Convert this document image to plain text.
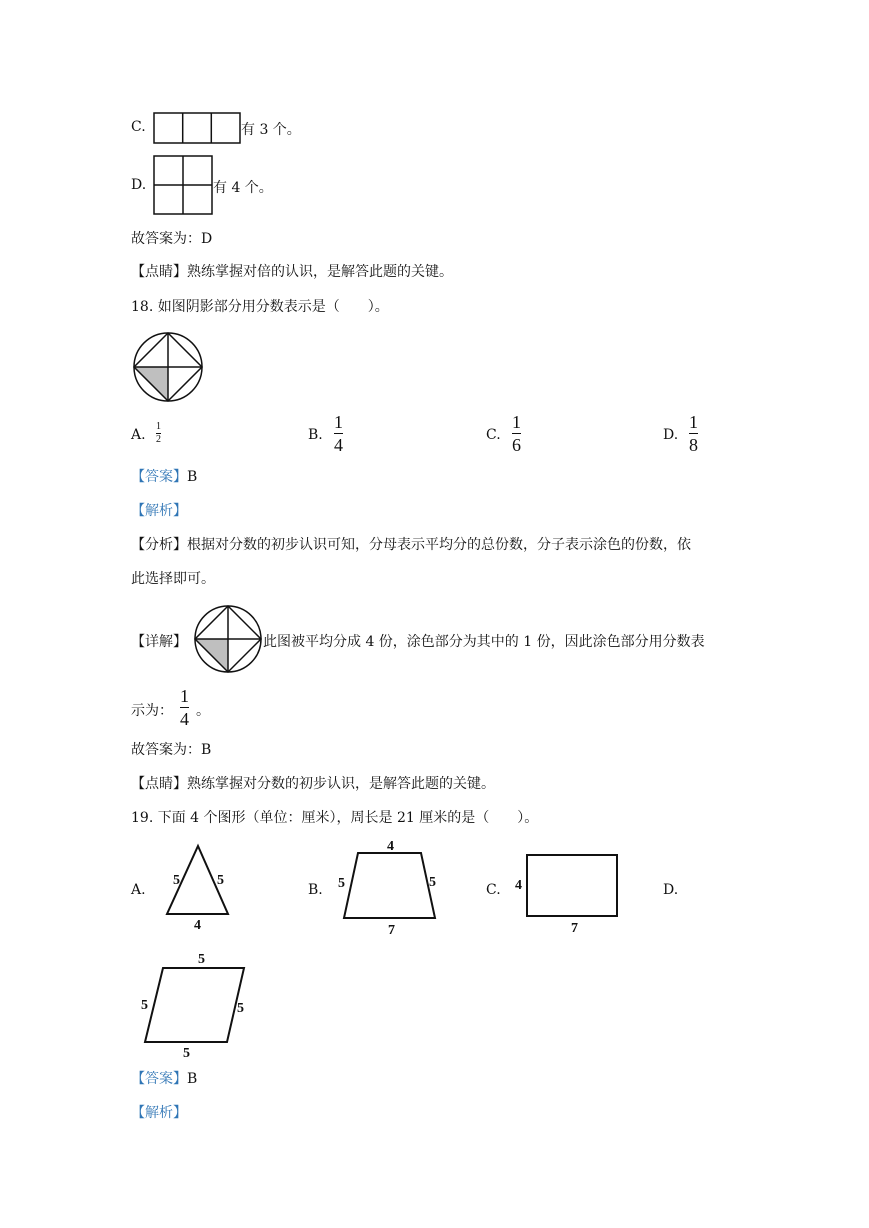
C.	有 3 个。
D.	有 4 个。
故答案为：D
【点睛】熟练掌握对倍的认识，是解答此题的关键。
18. 如图阴影部分用分数表示是（　　）。
A.
1
2	B.
1
4	C.
1
6	D.
1
8
【答案】B
【解析】
【分析】根据对分数的初步认识可知，分母表示平均分的总份数，分子表示涂色的份数，依
此选择即可。
【详解】	此图被平均分成 4 份，涂色部分为其中的 1 份，因此涂色部分用分数表
示为：
1
4 。
故答案为：B
【点睛】熟练掌握对分数的初步认识，是解答此题的关键。
19. 下面 4 个图形（单位：厘米），周长是 21 厘米的是（　　）。
A.
5	5
4
B.
4
5	5
7
C. 4
7
D.
5
5	5
5
【答案】B
【解析】
